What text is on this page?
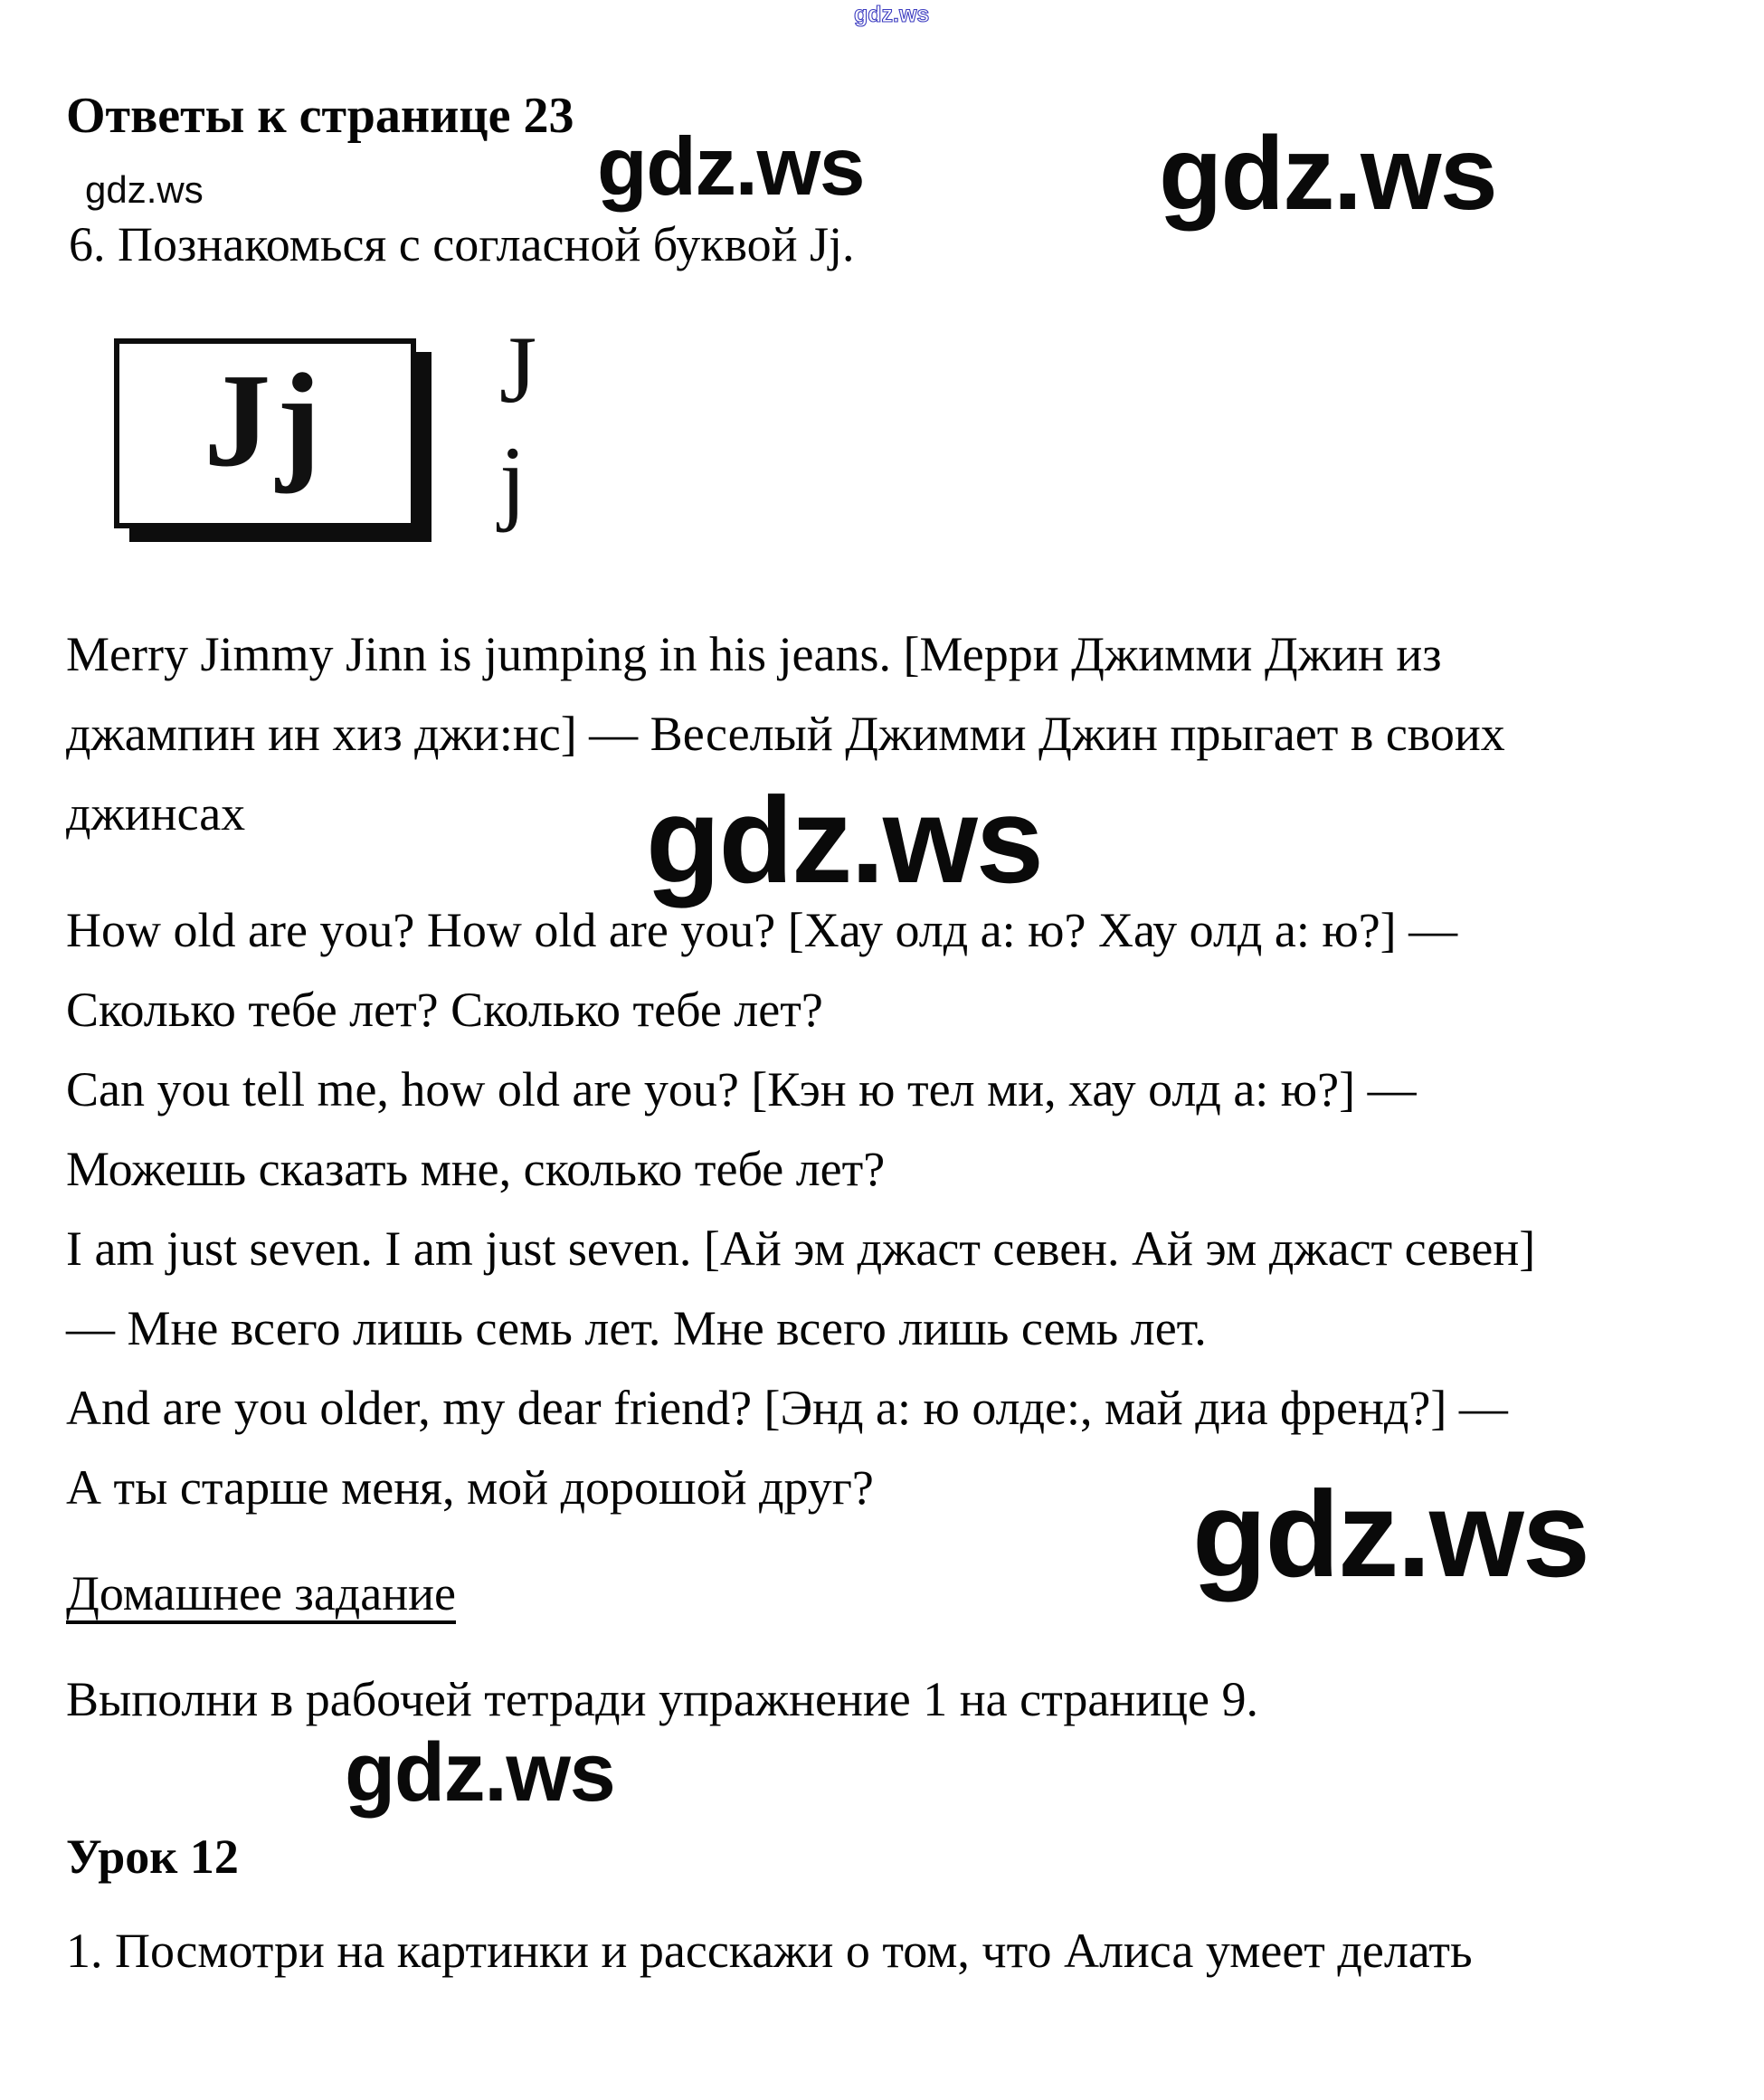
gdz.ws
gdz.ws	gdz.ws
gdz.ws
gdz.ws
gdz.ws
gdz.ws
Ответы к странице 23
6. Познакомься с согласной буквой Jj.
Jj J
j
Merry Jimmy Jinn is jumping in his jeans. [Мерри Джимми Джин из
джампин ин хиз джи:нс] — Веселый Джимми Джин прыгает в своих
джинсах
How old are you? How old are you? [Хау олд а: ю? Хау олд а: ю?] —
Сколько тебе лет? Сколько тебе лет?
Can you tell me, how old are you? [Кэн ю тел ми, хау олд а: ю?] —
Можешь сказать мне, сколько тебе лет?
I am just seven. I am just seven. [Ай эм джаст севен. Ай эм джаст севен]
— Мне всего лишь семь лет. Мне всего лишь семь лет.
And are you older, my dear friend? [Энд а: ю олде:, май диа френд?] —
А ты старше меня, мой дорошой друг?
Домашнее задание
Выполни в рабочей тетради упражнение 1 на странице 9.
Урок 12
1. Посмотри на картинки и расскажи о том, что Алиса умеет делать
